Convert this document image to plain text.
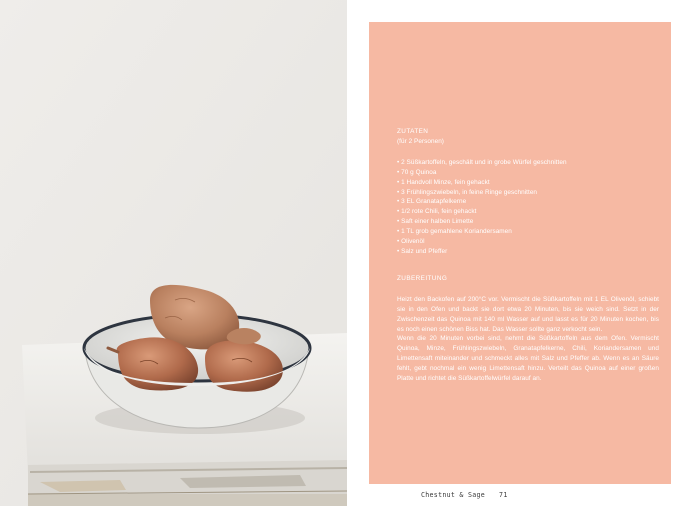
ZUTATEN

(für 2 Personen)

• 2 Süßkartoffeln, geschält und in grobe Würfel geschnitten
• 70 g Quinoa
• 1 Handvoll Minze, fein gehackt
• 3 Frühlingszwiebeln, in feine Ringe geschnitten
• 3 EL Granatapfelkerne
• 1/2 rote Chili, fein gehackt
• Saft einer halben Limette
• 1 TL grob gemahlene Koriandersamen
• Olivenöl
• Salz und Pfeffer

ZUBEREITUNG

Heizt den Backofen auf 200°C vor. Vermischt die Süßkartoffeln mit 1 EL Olivenöl, schiebt sie in den Ofen und backt sie dort etwa 20 Minuten, bis sie weich sind. Setzt in der Zwischenzeit das Quinoa mit 140 ml Wasser auf und lasst es für 20 Minuten kochen, bis es noch einen schönen Biss hat. Das Wasser sollte ganz verkocht sein.

Wenn die 20 Minuten vorbei sind, nehmt die Süßkartoffeln aus dem Ofen. Vermischt Quinoa, Minze, Frühlingszwiebeln, Granatapfelkerne, Chili, Koriandersamen und Limettensaft miteinander und schmeckt alles mit Salz und Pfeffer ab. Wenn es an Säure fehlt, gebt nochmal ein wenig Limettensaft hinzu. Verteilt das Quinoa auf einer großen Platte und richtet die Süßkartoffelwürfel darauf an.

Chestnut & Sage 71
